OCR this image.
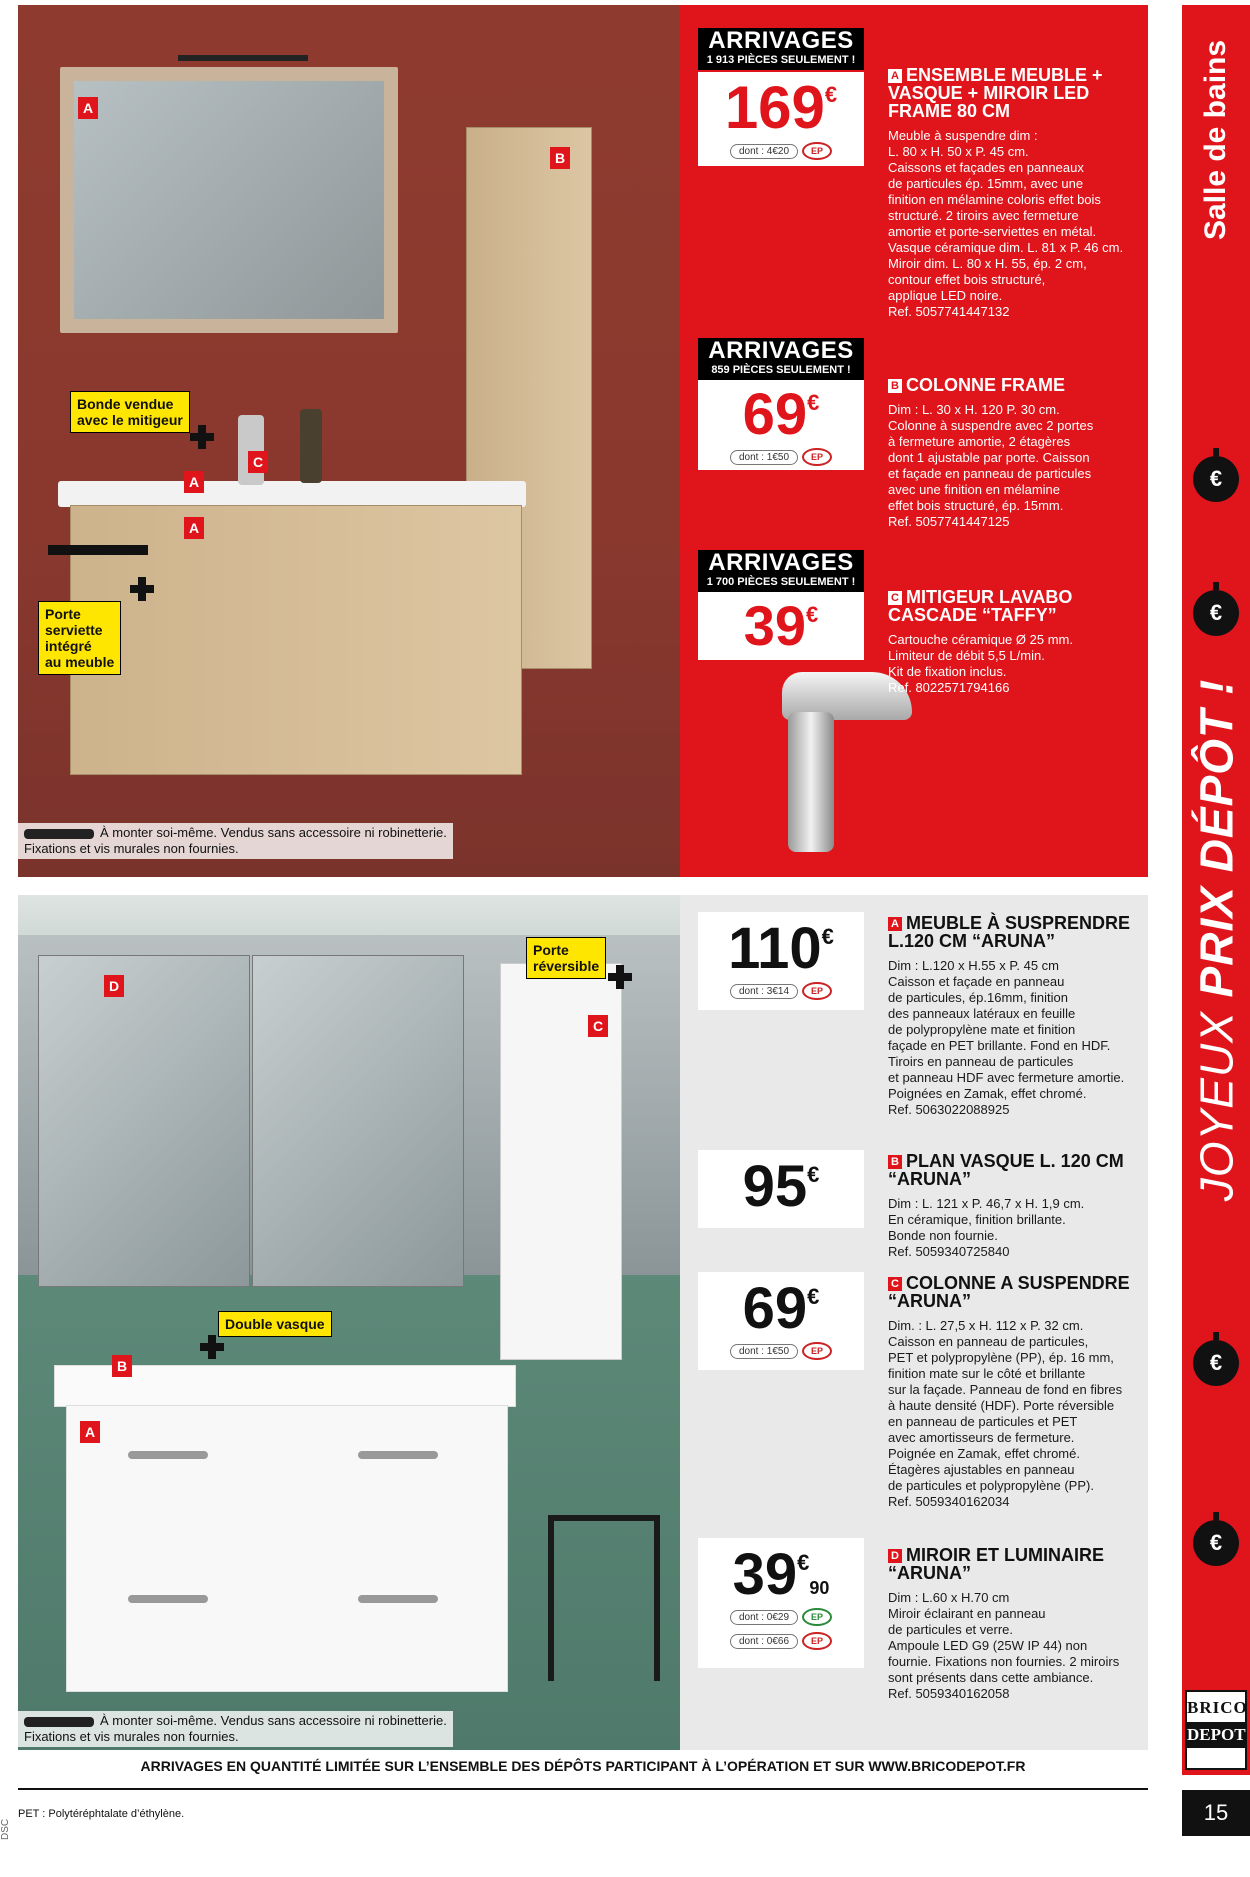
A
B
A
C
A
Bonde vendue
avec le mitigeur
Porte
serviette
intégré
au meuble
À monter soi-même. Vendus sans accessoire ni robinetterie.
Fixations et vis murales non fournies.
ARRIVAGES
1 913 PIÈCES SEULEMENT !
169€
dont : 4€20	EP
A ENSEMBLE MEUBLE + VASQUE + MIROIR LED FRAME 80 CM
Meuble à suspendre dim :
L. 80 x H. 50 x P. 45 cm.
Caissons et façades en panneaux
de particules ép. 15mm, avec une
finition en mélamine coloris effet bois
structuré. 2 tiroirs avec fermeture
amortie et porte-serviettes en métal.
Vasque céramique dim. L. 81 x P. 46 cm.
Miroir dim. L. 80 x H. 55, ép. 2 cm,
contour effet bois structuré,
applique LED noire.
Ref. 5057741447132
ARRIVAGES
859 PIÈCES SEULEMENT !
69€
dont : 1€50	EP
B COLONNE FRAME
Dim : L. 30 x H. 120 P. 30 cm.
Colonne à suspendre avec 2 portes
à fermeture amortie, 2 étagères
dont 1 ajustable par porte. Caisson
et façade en panneau de particules
avec une finition en mélamine
effet bois structuré, ép. 15mm.
Ref. 5057741447125
ARRIVAGES
1 700 PIÈCES SEULEMENT !
39€
C MITIGEUR LAVABO CASCADE “TAFFY”
Cartouche céramique Ø 25 mm.
Limiteur de débit 5,5 L/min.
Kit de fixation inclus.
Ref. 8022571794166
D
C
B
A
Porte
réversible
Double vasque
À monter soi-même. Vendus sans accessoire ni robinetterie.
Fixations et vis murales non fournies.
110€
dont : 3€14	EP
A MEUBLE À SUSPRENDRE L.120 CM “ARUNA”
Dim : L.120 x H.55 x P. 45 cm
Caisson et façade en panneau
de particules, ép.16mm, finition
des panneaux latéraux en feuille
de polypropylène mate et finition
façade en PET brillante. Fond en HDF.
Tiroirs en panneau de particules
et panneau HDF avec fermeture amortie.
Poignées en Zamak, effet chromé.
Ref. 5063022088925
95€	B PLAN VASQUE L. 120 CM “ARUNA”
Dim : L. 121 x P. 46,7 x H. 1,9 cm.
En céramique, finition brillante.
Bonde non fournie.
Ref. 5059340725840
69€
dont : 1€50	EP
C COLONNE A SUSPENDRE “ARUNA”
Dim. : L. 27,5 x H. 112 x P. 32 cm.
Caisson en panneau de particules,
PET et polypropylène (PP), ép. 16 mm,
finition mate sur le côté et brillante
sur la façade. Panneau de fond en fibres
à haute densité (HDF). Porte réversible
en panneau de particules et PET
avec amortisseurs de fermeture.
Poignée en Zamak, effet chromé.
Étagères ajustables en panneau
de particules et polypropylène (PP).
Ref. 5059340162034
39€90
dont : 0€29	EP

dont : 0€66	EP
D MIROIR ET LUMINAIRE “ARUNA”
Dim : L.60 x H.70 cm
Miroir éclairant en panneau
de particules et verre.
Ampoule LED G9 (25W IP 44) non
fournie. Fixations non fournies. 2 miroirs
sont présents dans cette ambiance.
Ref. 5059340162058
Salle de bains
€
€
€
€
JOYEUX PRIX DÉPÔT !
BRICO
DEPOT
15
ARRIVAGES EN QUANTITÉ LIMITÉE SUR L’ENSEMBLE DES DÉPÔTS PARTICIPANT À L’OPÉRATION ET SUR WWW.BRICODEPOT.FR
PET : Polytéréphtalate d’éthylène.
DSC
